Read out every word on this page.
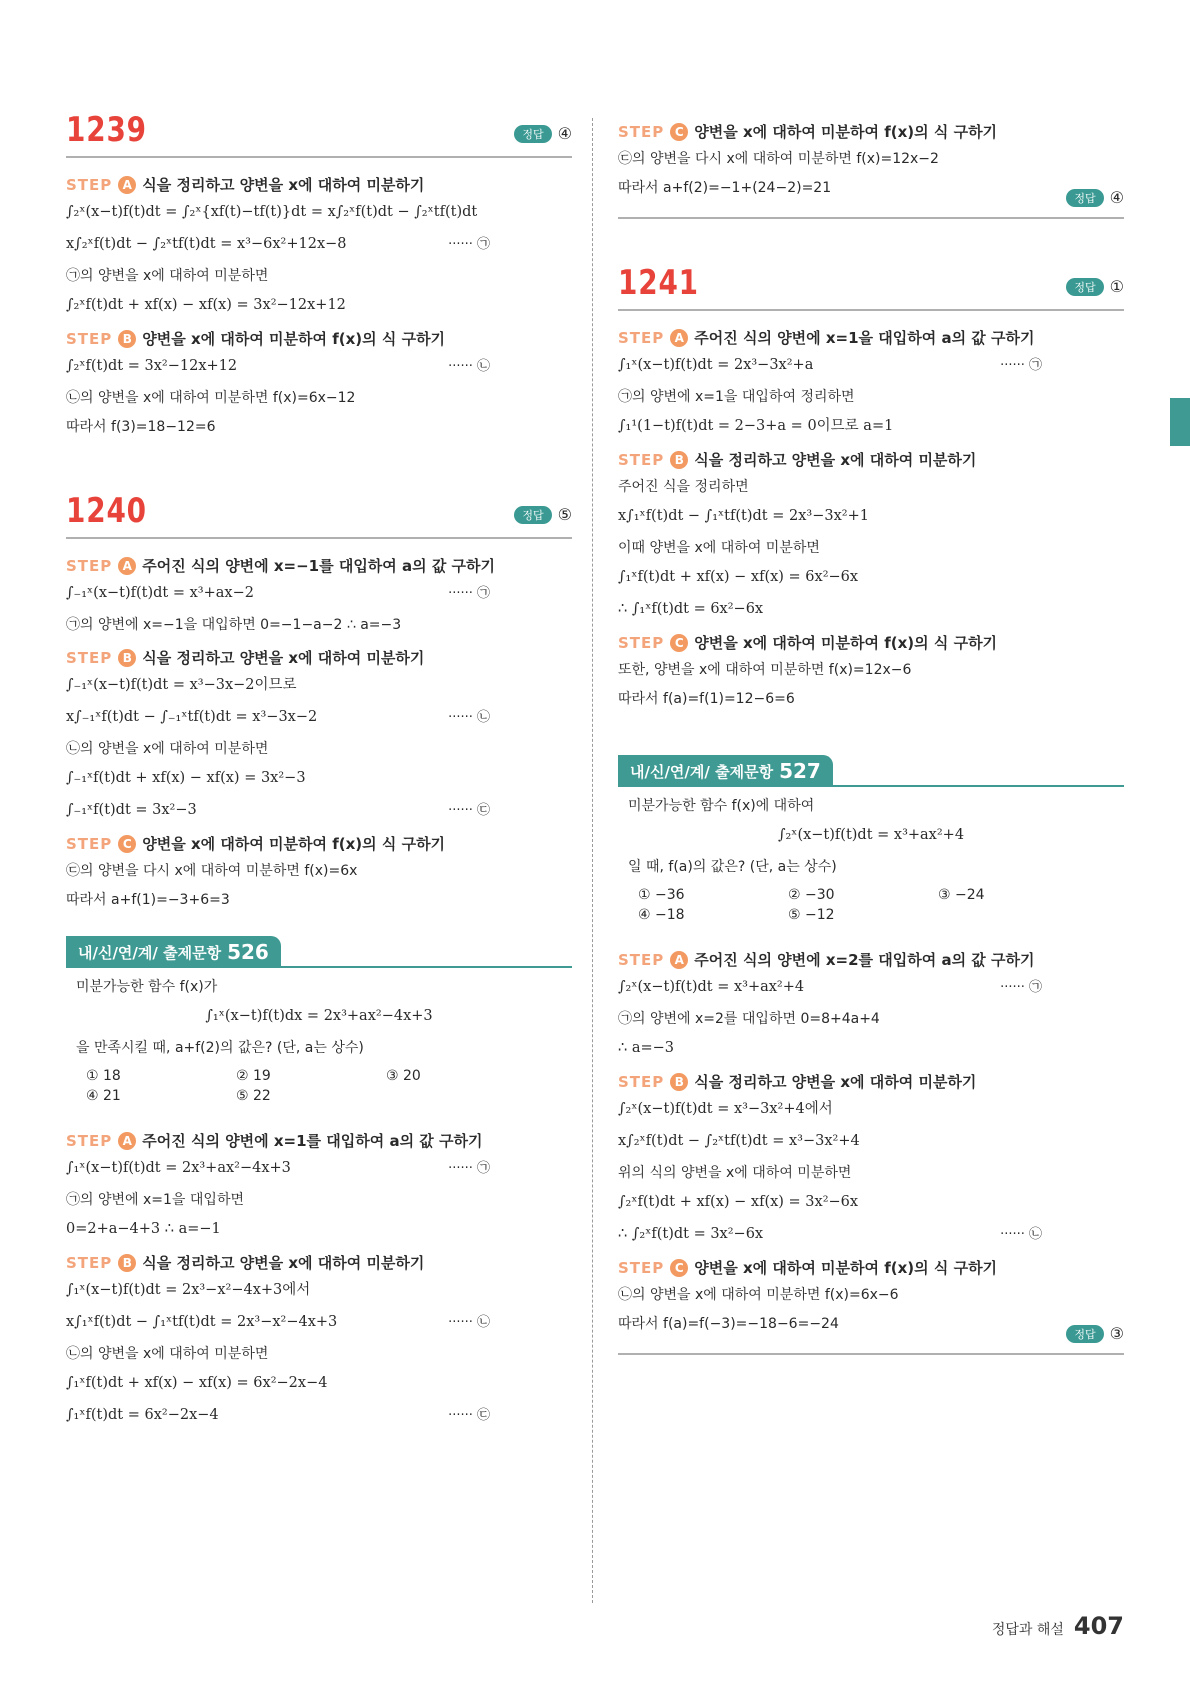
1239	정답 ④
STEP A 식을 정리하고 양변을 x에 대하여 미분하기
∫₂ˣ(x−t)f(t)dt = ∫₂ˣ{xf(t)−tf(t)}dt = x∫₂ˣf(t)dt − ∫₂ˣtf(t)dt
x∫₂ˣf(t)dt − ∫₂ˣtf(t)dt = x³−6x²+12x−8	······ ㉠
㉠의 양변을 x에 대하여 미분하면
∫₂ˣf(t)dt + xf(x) − xf(x) = 3x²−12x+12
STEP B 양변을 x에 대하여 미분하여 f(x)의 식 구하기
∫₂ˣf(t)dt = 3x²−12x+12	······ ㉡
㉡의 양변을 x에 대하여 미분하면 f(x)=6x−12
따라서 f(3)=18−12=6
1240	정답 ⑤
STEP A 주어진 식의 양변에 x=−1를 대입하여 a의 값 구하기
∫₋₁ˣ(x−t)f(t)dt = x³+ax−2	······ ㉠
㉠의 양변에 x=−1을 대입하면 0=−1−a−2 ∴ a=−3
STEP B 식을 정리하고 양변을 x에 대하여 미분하기
∫₋₁ˣ(x−t)f(t)dt = x³−3x−2이므로
x∫₋₁ˣf(t)dt − ∫₋₁ˣtf(t)dt = x³−3x−2	······ ㉡
㉡의 양변을 x에 대하여 미분하면
∫₋₁ˣf(t)dt + xf(x) − xf(x) = 3x²−3
∫₋₁ˣf(t)dt = 3x²−3	······ ㉢
STEP C 양변을 x에 대하여 미분하여 f(x)의 식 구하기
㉢의 양변을 다시 x에 대하여 미분하면 f(x)=6x
따라서 a+f(1)=−3+6=3
내/신/연/계/ 출제문항 526
미분가능한 함수 f(x)가
∫₁ˣ(x−t)f(t)dx = 2x³+ax²−4x+3
을 만족시킬 때, a+f(2)의 값은? (단, a는 상수)
① 18	② 19	③ 20
④ 21	⑤ 22
STEP A 주어진 식의 양변에 x=1를 대입하여 a의 값 구하기
∫₁ˣ(x−t)f(t)dt = 2x³+ax²−4x+3	······ ㉠
㉠의 양변에 x=1을 대입하면
0=2+a−4+3 ∴ a=−1
STEP B 식을 정리하고 양변을 x에 대하여 미분하기
∫₁ˣ(x−t)f(t)dt = 2x³−x²−4x+3에서
x∫₁ˣf(t)dt − ∫₁ˣtf(t)dt = 2x³−x²−4x+3	······ ㉡
㉡의 양변을 x에 대하여 미분하면
∫₁ˣf(t)dt + xf(x) − xf(x) = 6x²−2x−4
∫₁ˣf(t)dt = 6x²−2x−4	······ ㉢
STEP C 양변을 x에 대하여 미분하여 f(x)의 식 구하기
㉢의 양변을 다시 x에 대하여 미분하면 f(x)=12x−2
따라서 a+f(2)=−1+(24−2)=21
정답 ④
1241	정답 ①
STEP A 주어진 식의 양변에 x=1을 대입하여 a의 값 구하기
∫₁ˣ(x−t)f(t)dt = 2x³−3x²+a	······ ㉠
㉠의 양변에 x=1을 대입하여 정리하면
∫₁¹(1−t)f(t)dt = 2−3+a = 0이므로 a=1
STEP B 식을 정리하고 양변을 x에 대하여 미분하기
주어진 식을 정리하면
x∫₁ˣf(t)dt − ∫₁ˣtf(t)dt = 2x³−3x²+1
이때 양변을 x에 대하여 미분하면
∫₁ˣf(t)dt + xf(x) − xf(x) = 6x²−6x
∴ ∫₁ˣf(t)dt = 6x²−6x
STEP C 양변을 x에 대하여 미분하여 f(x)의 식 구하기
또한, 양변을 x에 대하여 미분하면 f(x)=12x−6
따라서 f(a)=f(1)=12−6=6
내/신/연/계/ 출제문항 527
미분가능한 함수 f(x)에 대하여
∫₂ˣ(x−t)f(t)dt = x³+ax²+4
일 때, f(a)의 값은? (단, a는 상수)
① −36	② −30	③ −24
④ −18	⑤ −12
STEP A 주어진 식의 양변에 x=2를 대입하여 a의 값 구하기
∫₂ˣ(x−t)f(t)dt = x³+ax²+4	······ ㉠
㉠의 양변에 x=2를 대입하면 0=8+4a+4
∴ a=−3
STEP B 식을 정리하고 양변을 x에 대하여 미분하기
∫₂ˣ(x−t)f(t)dt = x³−3x²+4에서
x∫₂ˣf(t)dt − ∫₂ˣtf(t)dt = x³−3x²+4
위의 식의 양변을 x에 대하여 미분하면
∫₂ˣf(t)dt + xf(x) − xf(x) = 3x²−6x
∴ ∫₂ˣf(t)dt = 3x²−6x	······ ㉡
STEP C 양변을 x에 대하여 미분하여 f(x)의 식 구하기
㉡의 양변을 x에 대하여 미분하면 f(x)=6x−6
따라서 f(a)=f(−3)=−18−6=−24
정답 ③
정답과 해설 407
